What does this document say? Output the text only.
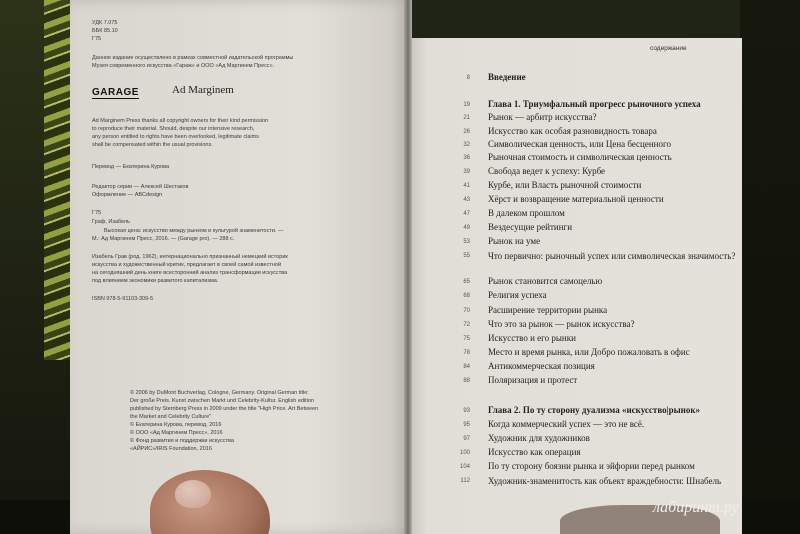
УДК 7.075
ББК 85.10
Г75
Данное издание осуществлено в рамках совместной издательской программы
Музея современного искусства «Гараж» и ООО «Ад Маргинем Пресс».
GARAGE	Ad Marginem
Ad Marginem Press thanks all copyright owners for their kind permission
to reproduce their material. Should, despite our intensive research,
any person entitled to rights have been overlooked, legitimate claims
shall be compensated within the usual provisions.
Перевод — Екатерина Курова
Редактор серии — Алексей Шестаков
Оформление — ABCdesign
Г75
Граф, Изабель
Высокая цена: искусство между рынком и культурой знаменитости. —
М.: Ад Маргинем Пресс, 2016. — (Garage pro). — 288 с.
Изабель Грав (род. 1962), интернационально признанный немецкий историк
искусства и художественный критик, предлагает в своей самой известной
на сегодняшний день книге всесторонний анализ трансформации искусства
под влиянием экономики развитого капитализма.
ISBN 978-5-91103-309-5
© 2006 by DuMont Buchverlag, Cologne, Germany. Original German title:
Der große Preis. Kunst zwischen Markt und Celebrity-Kultur. English edition
published by Sternberg Press in 2009 under the title "High Price. Art Between
the Market and Celebrity Culture"
© Екатерина Курова, перевод, 2016
© ООО «Ад Маргинем Пресс», 2016
© Фонд развития и поддержки искусства
«АЙРИС»/IRIS Foundation, 2016
содержание
8 Введение
19 Глава 1. Триумфальный прогресс рыночного успеха
21 Рынок — арбитр искусства?
26 Искусство как особая разновидность товара
32 Символическая ценность, или Цена бесценного
36 Рыночная стоимость и символическая ценность
39 Свобода ведет к успеху: Курбе
41 Курбе, или Власть рыночной стоимости
43 Хёрст и возвращение материальной ценности
47 В далеком прошлом
49 Вездесущие рейтинги
53 Рынок на уме
55 Что первично: рыночный успех или символическая значимость?
65 Рынок становится самоцелью
68 Религия успеха
70 Расширение территории рынка
72 Что это за рынок — рынок искусства?
75 Искусство и его рынки
78 Место и время рынка, или Добро пожаловать в офис
84 Антикоммерческая позиция
88 Поляризация и протест
93 Глава 2. По ту сторону дуализма «искусство|рынок»
95 Когда коммерческий успех — это не всё.
97 Художник для художников
100 Искусство как операция
104 По ту сторону боязни рынка и эйфории перед рынком
112 Художник-знаменитость как объект враждебности: Шнабель
лабиринт.ру
